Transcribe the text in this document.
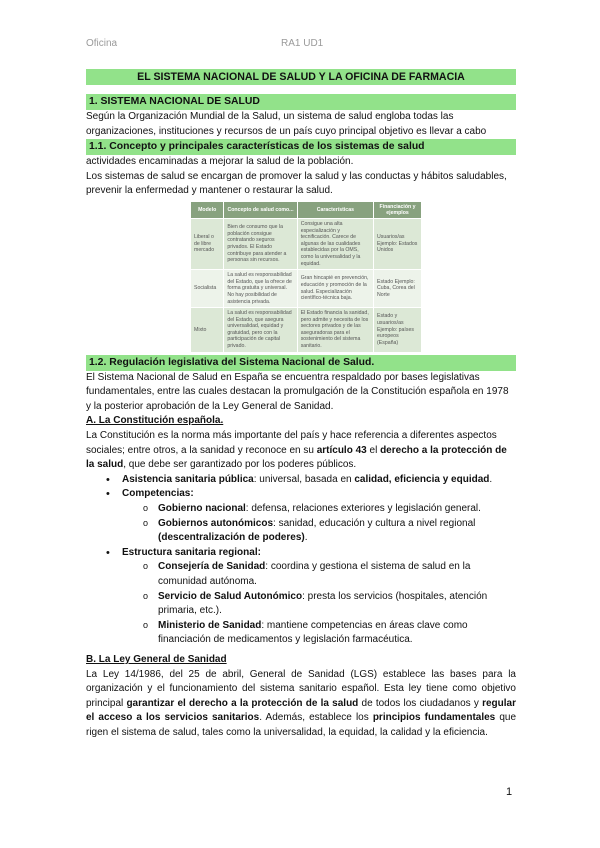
Oficina	RA1 UD1
EL SISTEMA NACIONAL DE SALUD Y LA OFICINA DE FARMACIA
1. SISTEMA NACIONAL DE SALUD

Según la Organización Mundial de la Salud, un sistema de salud engloba todas las

organizaciones, instituciones y recursos de un país cuyo principal objetivo es llevar a cabo

1.1. Concepto y principales características de los sistemas de salud

actividades encaminadas a mejorar la salud de la población.

Los sistemas de salud se encargan de promover la salud y las conductas y hábitos saludables, prevenir la enfermedad y mantener o restaurar la salud.

Modelo	Concepto de salud como...	Características	Financiación y ejemplos
Liberal o de libre mercado	Bien de consumo que la población consigue contratando seguros privados. El Estado contribuye para atender a personas sin recursos.	Consigue una alta especialización y tecnificación. Carece de algunas de las cualidades establecidas por la OMS, como la universalidad y la equidad.	Usuarios/as Ejemplo: Estados Unidos
Socialista	La salud es responsabilidad del Estado, que la ofrece de forma gratuita y universal. No hay posibilidad de asistencia privada.	Gran hincapié en prevención, educación y promoción de la salud. Especialización científico-técnica baja.	Estado Ejemplo: Cuba, Corea del Norte
Mixto	La salud es responsabilidad del Estado, que asegura universalidad, equidad y gratuidad, pero con la participación de capital privado.	El Estado financia la sanidad, pero admite y necesita de los sectores privados y de las aseguradoras para el sostenimiento del sistema sanitario.	Estado y usuarios/as Ejemplo: países europeos (España)
1.2. Regulación legislativa del Sistema Nacional de Salud.

El Sistema Nacional de Salud en España se encuentra respaldado por bases legislativas fundamentales, entre las cuales destacan la promulgación de la Constitución española en 1978 y la posterior aprobación de la Ley General de Sanidad.

A. La Constitución española.

La Constitución es la norma más importante del país y hace referencia a diferentes aspectos sociales; entre otros, a la sanidad y reconoce en su artículo 43 el derecho a la protección de la salud, que debe ser garantizado por los poderes públicos.

• Asistencia sanitaria pública: universal, basada en calidad, eficiencia y equidad.
• Competencias:
o Gobierno nacional: defensa, relaciones exteriores y legislación general.
o Gobiernos autonómicos: sanidad, educación y cultura a nivel regional (descentralización de poderes).
• Estructura sanitaria regional:
o Consejería de Sanidad: coordina y gestiona el sistema de salud en la comunidad autónoma.
o Servicio de Salud Autonómico: presta los servicios (hospitales, atención primaria, etc.).
o Ministerio de Sanidad: mantiene competencias en áreas clave como financiación de medicamentos y legislación farmacéutica.
B. La Ley General de Sanidad

La Ley 14/1986, del 25 de abril, General de Sanidad (LGS) establece las bases para la organización y el funcionamiento del sistema sanitario español. Esta ley tiene como objetivo principal garantizar el derecho a la protección de la salud de todos los ciudadanos y regular el acceso a los servicios sanitarios. Además, establece los principios fundamentales que rigen el sistema de salud, tales como la universalidad, la equidad, la calidad y la eficiencia.

1
